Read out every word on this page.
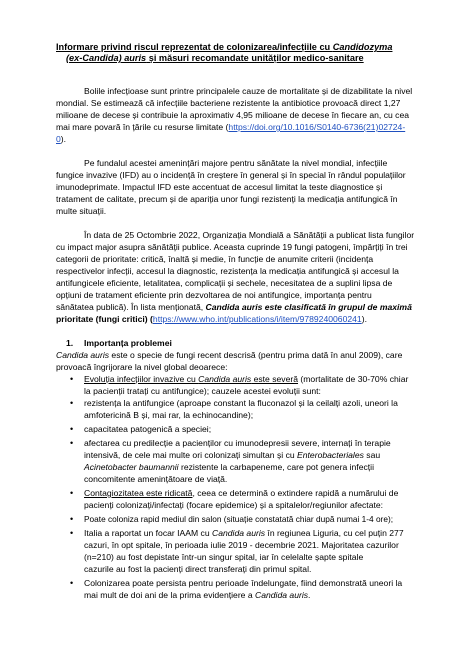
Informare privind riscul reprezentat de colonizarea/infecțiile cu Candidozyma
(ex-Candida) auris și măsuri recomandate unităților medico-sanitare
Bolile infecțioase sunt printre principalele cauze de mortalitate și de dizabilitate la nivel
mondial. Se estimează că infecțiile bacteriene rezistente la antibiotice provoacă direct 1,27
milioane de decese și contribuie la aproximativ 4,95 milioane de decese în fiecare an, cu cea
mai mare povară în țările cu resurse limitate (https://doi.org/10.1016/S0140-6736(21)02724-
0).
Pe fundalul acestei amenințări majore pentru sănătate la nivel mondial, infecțiile
fungice invazive (IFD) au o incidență în creștere în general și în special în rândul populațiilor
imunodeprimate. Impactul IFD este accentuat de accesul limitat la teste diagnostice și
tratament de calitate, precum și de apariția unor fungi rezistenți la medicația antifungică în
multe situații.
În data de 25 Octombrie 2022, Organizația Mondială a Sănătății a publicat lista fungilor
cu impact major asupra sănătății publice. Aceasta cuprinde 19 fungi patogeni, împărțiți în trei
categorii de prioritate: critică, înaltă și medie, în funcție de anumite criterii (incidența
respectivelor infecții, accesul la diagnostic, rezistența la medicația antifungică și accesul la
antifungicele eficiente, letalitatea, complicații și sechele, necesitatea de a suplini lipsa de
opțiuni de tratament eficiente prin dezvoltarea de noi antifungice, importanța pentru
sănătatea publică). În lista menționată, Candida auris este clasificată în grupul de maximă
prioritate (fungi critici) (https://www.who.int/publications/i/item/9789240060241).
1. Importanța problemei
Candida auris este o specie de fungi recent descrisă (pentru prima dată în anul 2009), care
provoacă îngrijorare la nivel global deoarece:
• Evoluția infecțiilor invazive cu Candida auris este severă (mortalitate de 30-70% chiar
la pacienții tratați cu antifungice); cauzele acestei evoluții sunt:
• rezistența la antifungice (aproape constant la fluconazol și la ceilalți azoli, uneori la
amfotericină B și, mai rar, la echinocandine);
• capacitatea patogenică a speciei;
• afectarea cu predilecție a pacienților cu imunodepresii severe, internați în terapie
intensivă, de cele mai multe ori colonizați simultan și cu Enterobacteriales sau
Acinetobacter baumannii rezistente la carbapeneme, care pot genera infecții
concomitente amenințătoare de viață.
• Contagiozitatea este ridicată, ceea ce determină o extindere rapidă a numărului de
pacienți colonizați/infectați (focare epidemice) și a spitalelor/regiunilor afectate:
• Poate coloniza rapid mediul din salon (situație constatată chiar după numai 1-4 ore);
• Italia a raportat un focar IAAM cu Candida auris în regiunea Liguria, cu cel puțin 277
cazuri, în opt spitale, în perioada iulie 2019 - decembrie 2021. Majoritatea cazurilor
(n=210) au fost depistate într-un singur spital, iar în celelalte șapte spitale
cazurile au fost la pacienți direct transferați din primul spital.
• Colonizarea poate persista pentru perioade îndelungate, fiind demonstrată uneori la
mai mult de doi ani de la prima evidențiere a Candida auris.
